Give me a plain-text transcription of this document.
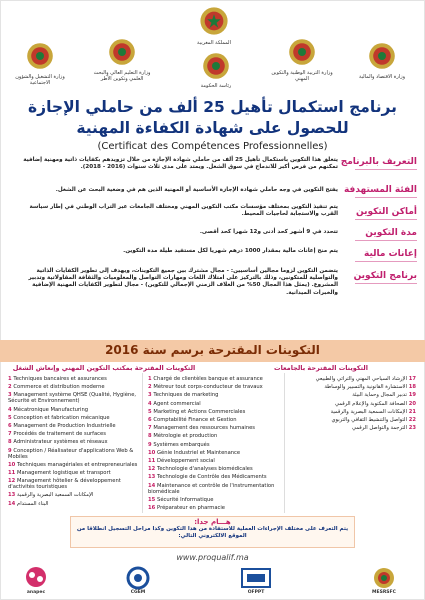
المملكة المغربية
وزارة التشغيل والشؤون الاجتماعية
وزارة التعليم العالي والبحث العلمي وتكوين الأطر
رئاسة الحكومة
وزارة التربية الوطنية والتكوين المهني	وزارة الاقتصاد والمالية
برنامج استكمال تأهيل 25 ألف من حاملي الإجازة
للحصول على شهادة الكفاءة المهنية
(Certificat des Compétences Professionnelles)
التعريف بالبرنامج
يتعلق هذا التكوين باستكمال تأهيل 25 ألف من حاملي شهادة الإجازة من خلال تزويدهم بكفايات ذاتية ومهنية إضافية تمكنهم من فرص أكبر للاندماج في سوق الشغل. ويمتد على مدى ثلاث سنوات (2016 - 2018).
الفئة المستهدفة
يفتح التكوين في وجه حاملي شهادة الإجازة الأساسية أو المهنية الذين هم في وضعية البحث عن الشغل.
أماكن التكوين
يتم تنفيذ التكوين بمختلف مؤسسات مكتب التكوين المهني ومختلف الجامعات عبر التراب الوطني في إطار سياسة القرب والاستجابة لحاجيات المحيط.
مدة التكوين
تتحدد في 9 أشهر كحد أدنى و12 شهرا كحد أقصى.
إعانات مالية
يتم منح إعانات مالية بمقدار 1000 درهم شهريا لكل مستفيد طيلة مدة التكوين.
برنامج التكوين
يتضمن التكوين لزوما مجالين أساسيين: - مجال مشترك بين جميع التكوينات، ويهدف إلى تطوير الكفايات الذاتية والتواصلية للمتكونين، وذلك بالتركيز على امتلاك اللغات ومهارات التواصل والمعلوميات والثقافة المقاولاتية وتدبير المشروع. (يمثل هذا المجال 50% من الغلاف الزمني الإجمالي للتكوين) - مجال لتطوير الكفايات المهنية الإضافية والخبرات الميدانية.
التكوينات المقترحة برسم سنة 2016
التكوينات المقترحة بمكتب التكوين المهني وإنعاش الشغل	التكوينات المقترحة بالجامعات
1 Techniques bancaires et assurances
2 Commerce et distribution moderne
3 Management système QHSE (Qualité, Hygiène, Sécurité et Environnement)
4 Mécatronique Manufacturing
5 Conception et fabrication mécanique
6 Management de Production Industrielle
7 Procédés de traitement de surfaces
8 Administrateur systèmes et réseaux
9 Conception / Réalisateur d'applications Web & Mobiles
10 Techniques managériales et entrepreneuriales
11 Management logistique et transport
12 Management hôtelier & développement d'activités touristiques
13 الإمكانات السمعية البصرية والرقمية
14 البناء المستدام
1 Chargé de clientèles banque et assurance
2 Métreur tout corps-conducteur de travaux
3 Techniques de marketing
4 Agent commercial
5 Marketing et Actions Commerciales
6 Comptabilité Finance et Gestion
7 Management des ressources humaines
8 Métrologie et production
9 Systèmes embarqués
10 Génie Industriel et Maintenance
11 Développement social
12 Technologie d'analyses biomédicales
13 Technologie de Contrôle des Médicaments
14 Maintenance et contrôle de l'instrumentation biomédicale
15 Sécurité Informatique
16 Préparateur en pharmacie
17 الإرشاد السياحي المهني والتراثي والطبيعي
18 الاستشارة القانونية والتسيير والوساطة
19 تدبير المجال وحماية البيئة
20 الصحافة المكتوبة والإعلام الرقمي
21 الإمكانات السمعية البصرية والرقمية
22 التواصل والتنشيط الثقافي والتربوي
23 الترجمة والتواصل الرقمي
هـــام جدا:
يتم التعرف على مختلف الإجراءات العملية للاستفادة من هذا التكوين وكذا مراحل التسجيل انطلاقا من الموقع الالكتروني التالي:
www.proqualif.ma
anapec	CGEM	OFPPT	MESRSFC
